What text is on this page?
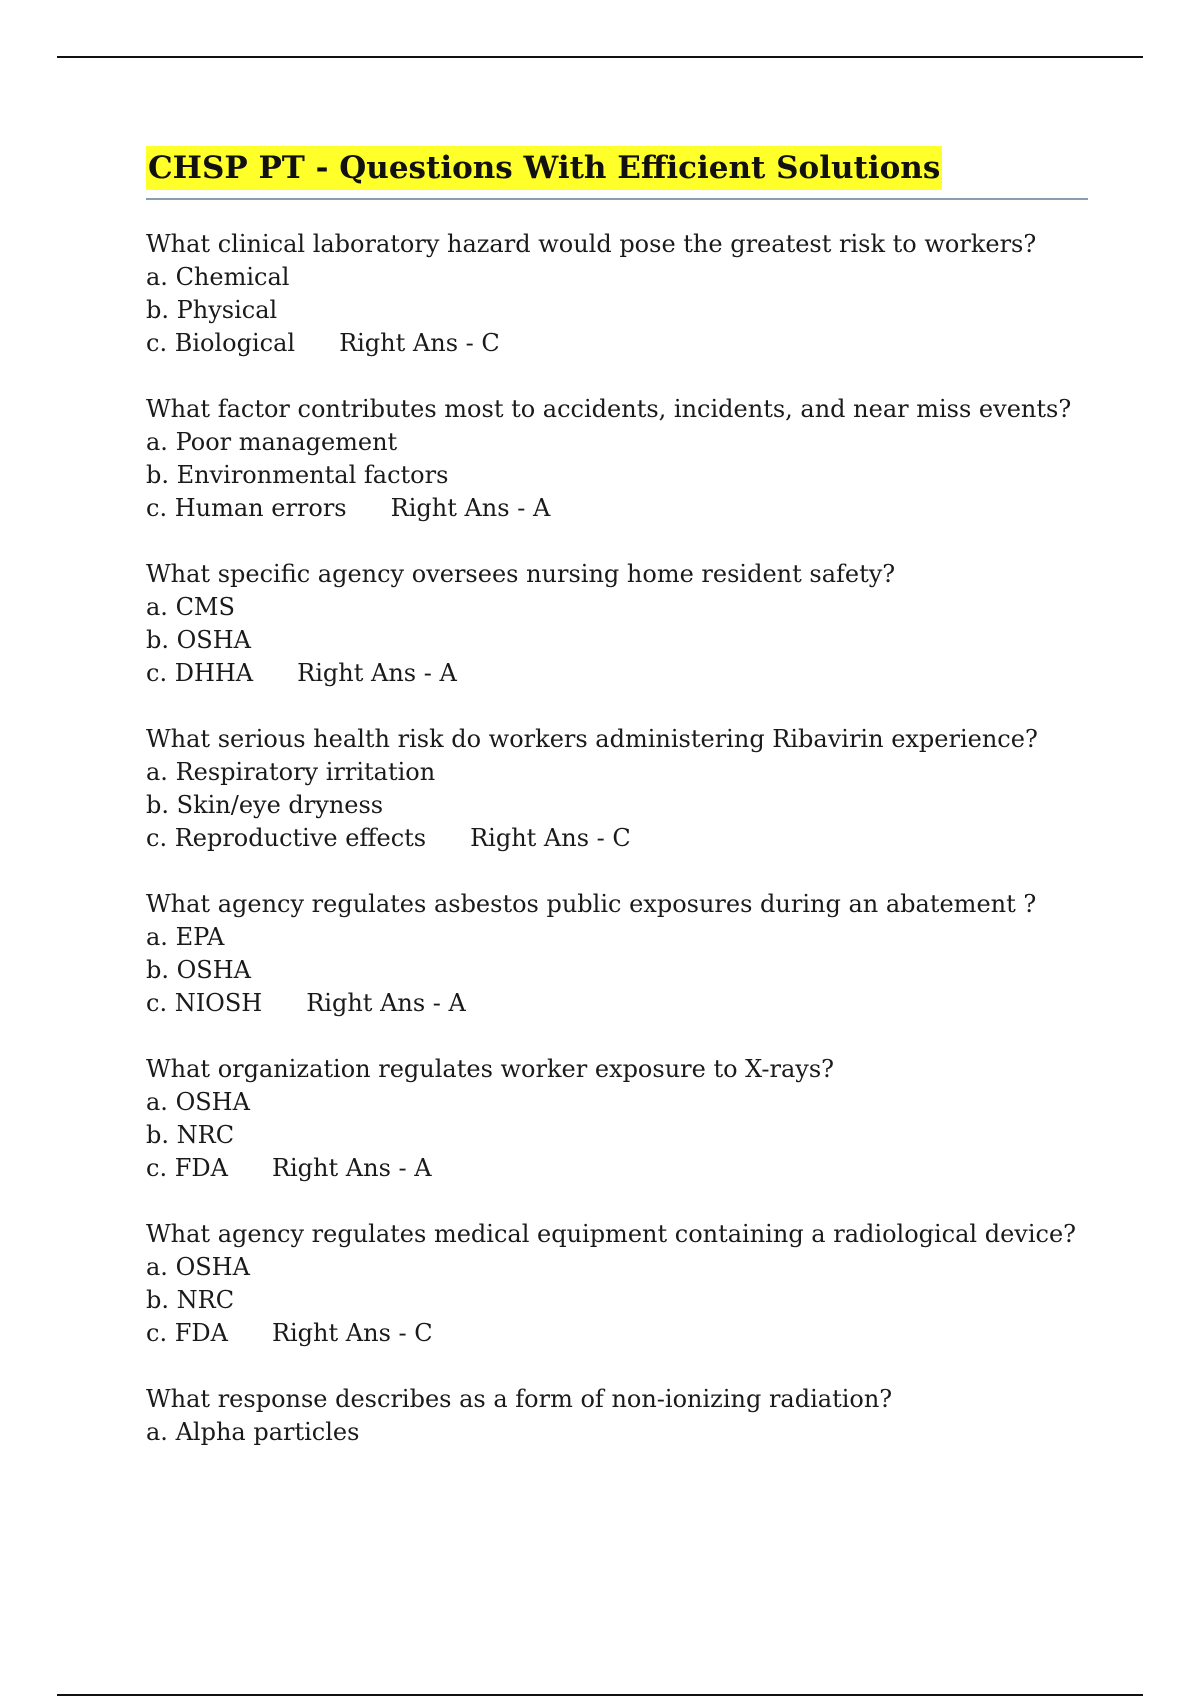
CHSP PT - Questions With Efficient Solutions
What clinical laboratory hazard would pose the greatest risk to workers?
a. Chemical
b. Physical
c. Biological Right Ans - C
What factor contributes most to accidents, incidents, and near miss events?
a. Poor management
b. Environmental factors
c. Human errors Right Ans - A
What specific agency oversees nursing home resident safety?
a. CMS
b. OSHA
c. DHHA Right Ans - A
What serious health risk do workers administering Ribavirin experience?
a. Respiratory irritation
b. Skin/eye dryness
c. Reproductive effects Right Ans - C
What agency regulates asbestos public exposures during an abatement ?
a. EPA
b. OSHA
c. NIOSH Right Ans - A
What organization regulates worker exposure to X-rays?
a. OSHA
b. NRC
c. FDA Right Ans - A
What agency regulates medical equipment containing a radiological device?
a. OSHA
b. NRC
c. FDA Right Ans - C
What response describes as a form of non-ionizing radiation?
a. Alpha particles
